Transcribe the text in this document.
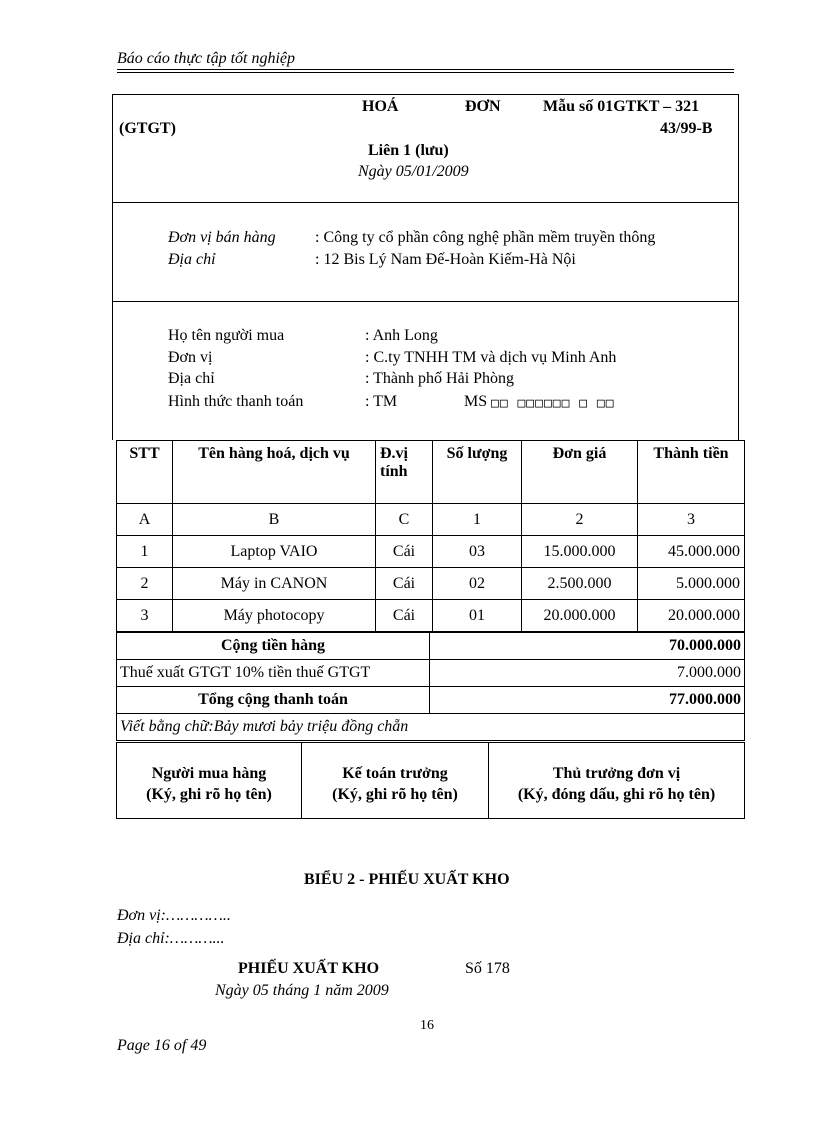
Báo cáo thực tập tốt nghiệp
HOÁ	ĐƠN	Mẫu số 01GTKT – 321
(GTGT)	43/99-B
Liên 1 (lưu)
Ngày 05/01/2009
Đơn vị bán hàng : Công ty cổ phần công nghệ phần mềm truyền thông
Địa chỉ	: 12 Bis Lý Nam Đế-Hoàn Kiếm-Hà Nội
Họ tên người mua	: Anh Long
Đơn vị	: C.ty TNHH TM và dịch vụ Minh Anh
Địa chỉ	: Thành phố Hải Phòng
Hình thức thanh toán	: TM	MS □□ □□□□□□ □ □□
STT	Tên hàng hoá, dịch vụ	Đ.vị tính	Số lượng	Đơn giá	Thành tiền
A	B	C	1	2	3
1	Laptop VAIO	Cái	03	15.000.000	45.000.000
2	Máy in CANON	Cái	02	2.500.000	5.000.000
3	Máy photocopy	Cái	01	20.000.000	20.000.000
Cộng tiền hàng	70.000.000
Thuế xuất GTGT 10% tiền thuế GTGT	7.000.000
Tổng cộng thanh toán	77.000.000
Viết bằng chữ:Bảy mươi bảy triệu đồng chẵn	
Người mua hàng
(Ký, ghi rõ họ tên)

Kế toán trưởng
(Ký, ghi rõ họ tên)

Thủ trưởng đơn vị
(Ký, đóng dấu, ghi rõ họ tên)
BIỂU 2 - PHIẾU XUẤT KHO
Đơn vị:…………..
Địa chỉ:………...
PHIẾU XUẤT KHO	Số 178
Ngày 05 tháng 1 năm 2009
16
Page 16 of 49
